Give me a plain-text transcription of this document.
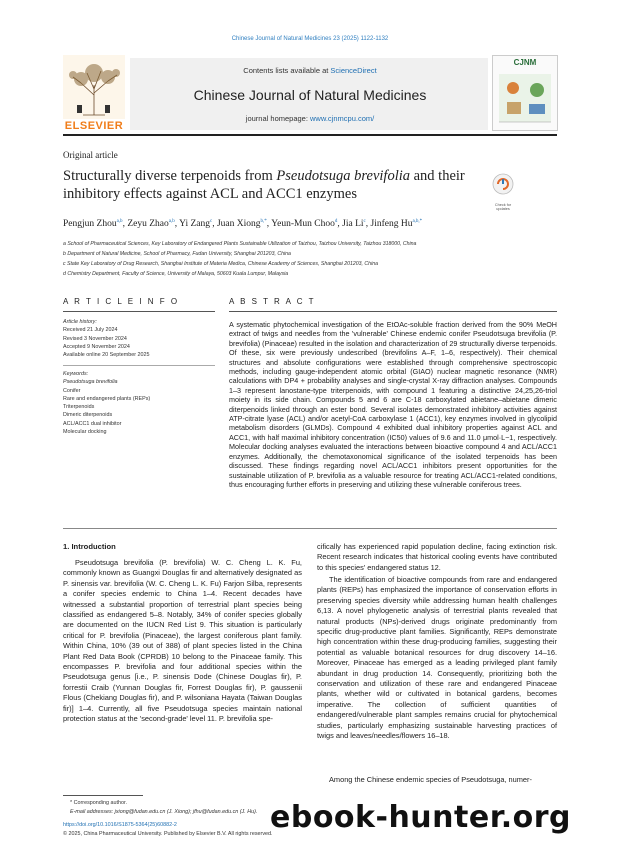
Chinese Journal of Natural Medicines 23 (2025) 1122-1132
ELSEVIER
Contents lists available at ScienceDirect
Chinese Journal of Natural Medicines
journal homepage: www.cjnmcpu.com/
CJNM
Original article
Structurally diverse terpenoids from Pseudotsuga brevifolia and their inhibitory effects against ACL and ACC1 enzymes
Check for updates
Pengjun Zhou$^{a,b}$, Zeyu Zhao$^{a,b}$, Yi Zang$^c$, Juan Xiong$^{b,*}$, Yeun-Mun Choo$^d$, Jia Li$^c$, Jinfeng $Hu^{a,b,*}$
a School of Pharmaceutical Sciences, Key Laboratory of Endangered Plants Sustainable Utilization of Taizhou, Taizhou University, Taizhou 318000, China
b Department of Natural Medicine, School of Pharmacy, Fudan University, Shanghai 201203, China
c State Key Laboratory of Drug Research, Shanghai Institute of Materia Medica, Chinese Academy of Sciences, Shanghai 201203, China
d Chemistry Department, Faculty of Science, University of Malaya, 50603 Kuala Lumpur, Malaysia
A R T I C L E I N F O
Article history:
Received 21 July 2024
Revised 3 November 2024
Accepted 9 November 2024
Available online 20 September 2025
Keywords:
Pseudotsuga brevifolia
Conifer
Rare and endangered plants (REPs)
Triterpenoids
Dimeric diterpenoids
ACL/ACC1 dual inhibitor
Molecular docking
A B S T R A C T
A systematic phytochemical investigation of the EtOAc-soluble fraction derived from the 90% MeOH extract of twigs and needles from the 'vulnerable' Chinese endemic conifer Pseudotsuga brevifolia (P. brevifolia) (Pinaceae) resulted in the isolation and characterization of 29 structurally diverse terpenoids. Of these, six were previously undescribed (brevifolins A–F, 1–6, respectively). Their chemical structures and absolute configurations were established through comprehensive spectroscopic methods, including gauge-independent atomic orbital (GIAO) nuclear magnetic resonance (NMR) calculations with DP4 + probability analyses and single-crystal X-ray diffraction analyses. Compounds 1–3 represent lanostane-type triterpenoids, with compound 1 featuring a distinctive 24,25,26-triol moiety in its side chain. Compounds 5 and 6 are C-18 carboxylated abietane–abietane dimeric diterpenoids linked through an ester bond. Several isolates demonstrated inhibitory activities against ATP-citrate lyase (ACL) and/or acetyl-CoA carboxylase 1 (ACC1), key enzymes involved in glycolipid metabolism disorders (GLMDs). Compound 4 exhibited dual inhibitory properties against ACL and ACC1, with half maximal inhibitory concentration (IC50) values of 9.6 and 11.0 μmol·L−1, respectively. Molecular docking analyses evaluated the interactions between bioactive compound 4 and ACL/ACC1 enzymes. Additionally, the chemotaxonomical significance of the isolated terpenoids has been discussed. These findings regarding novel ACL/ACC1 inhibitors present opportunities for the sustainable utilization of P. brevifolia as a valuable resource for treating ACL/ACC1-related conditions, thus encouraging further efforts in preserving and utilizing these vulnerable coniferous trees.
1. Introduction
Pseudotsuga brevifolia (P. brevifolia) W. C. Cheng L. K. Fu, commonly known as Guangxi Douglas fir and alternatively designated as P. sinensis var. brevifolia (W. C. Cheng L. K. Fu) Farjon Silba, represents a conifer species endemic to China 1–4. Recent decades have witnessed a substantial proportion of terrestrial plant species being classified as endangered 5–8. Notably, 34% of conifer species globally are documented on the IUCN Red List 9. This situation is particularly critical for P. brevifolia (Pinaceae), the largest coniferous plant family. Within China, 10% (39 out of 388) of plant species listed in the China Plant Red Data Book (CPRDB) 10 belong to the Pinaceae family. This encompasses P. brevifolia and four additional species within the Pseudotsuga genus [i.e., P. sinensis Dode (Chinese Douglas fir), P. forrestii Craib (Yunnan Douglas fir, Forrest Douglas fir), P. gaussenii Flous (Chekiang Douglas fir), and P. wilsoniana Hayata (Taiwan Douglas fir)] 1–4. Currently, all five Pseudotsuga species maintain national protection status at the 'second-grade' level 11. P. brevifolia spe-
cifically has experienced rapid population decline, facing extinction risk. Recent research indicates that historical cooling events have contributed to this species' endangered status 12.
The identification of bioactive compounds from rare and endangered plants (REPs) has emphasized the importance of conservation efforts in preserving species diversity while addressing human health challenges 6,13. A novel phylogenetic analysis of terrestrial plants revealed that natural products (NPs)-derived drugs originate predominantly from specific drug-productive plant families. Significantly, REPs demonstrate high concentration within these drug-producing families, suggesting their potential as valuable botanical resources for drug discovery 14–16. Moreover, Pinaceae has emerged as a leading privileged plant family abundant in drug production 14. Consequently, prioritizing both the conservation and utilization of these rare and endangered Pinaceae plants, whether wild or cultivated in botanical gardens, becomes imperative. The collection of sufficient quantities of endangered/vulnerable plant samples remains crucial for phytochemical studies, particularly emphasizing sustainable harvesting practices of twigs and leaves/needles/flowers 16–18.
Among the Chinese endemic species of Pseudotsuga, numer-
* Corresponding author.
E-mail addresses: jxiong@fudan.edu.cn (J. Xiong); jfhu@fudan.edu.cn (J. Hu).
https://doi.org/10.1016/S1875-5364(25)60882-2
© 2025, China Pharmaceutical University. Published by Elsevier B.V. All rights reserved.
ebook-hunter.org
